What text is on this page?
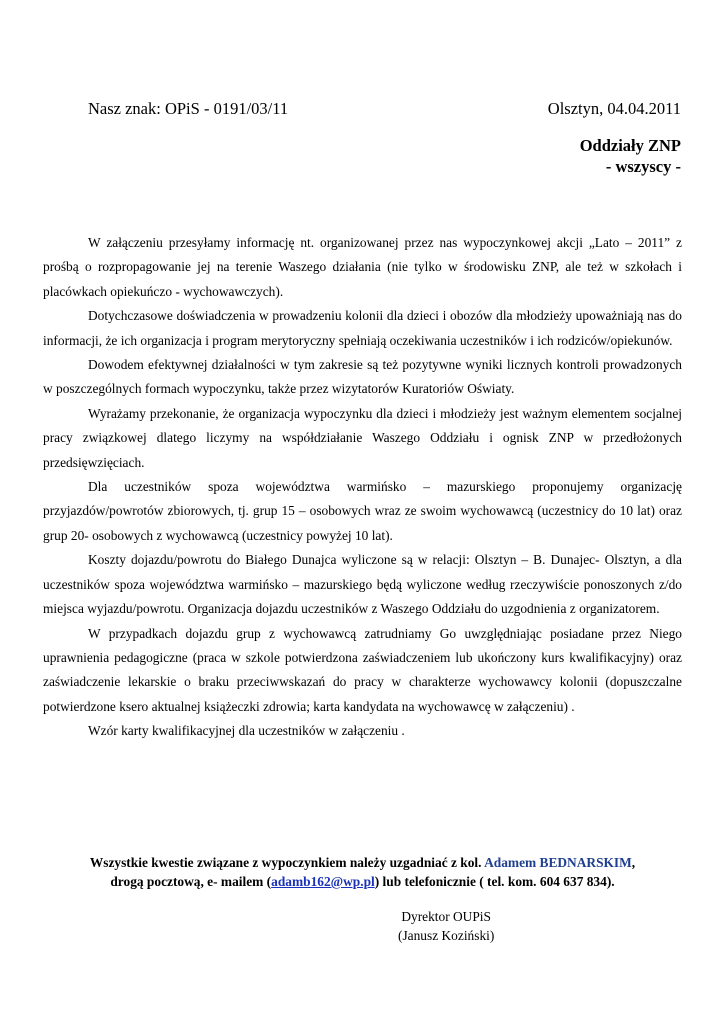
Nasz znak: OPiS - 0191/03/11	Olsztyn, 04.04.2011
Oddziały ZNP
- wszyscy -

W załączeniu przesyłamy informację nt. organizowanej przez nas wypoczynkowej akcji „Lato – 2011” z prośbą o rozpropagowanie jej na terenie Waszego działania (nie tylko w środowisku ZNP, ale też w szkołach i placówkach opiekuńczo - wychowawczych).

Dotychczasowe doświadczenia w prowadzeniu kolonii dla dzieci i obozów dla młodzieży upoważniają nas do informacji, że ich organizacja i program merytoryczny spełniają oczekiwania uczestników i ich rodziców/opiekunów.

Dowodem efektywnej działalności w tym zakresie są też pozytywne wyniki licznych kontroli prowadzonych w poszczególnych formach wypoczynku, także przez wizytatorów Kuratoriów Oświaty.

Wyrażamy przekonanie, że organizacja wypoczynku dla dzieci i młodzieży jest ważnym elementem socjalnej pracy związkowej dlatego liczymy na współdziałanie Waszego Oddziału i ognisk ZNP w przedłożonych przedsięwzięciach.

Dla uczestników spoza województwa warmińsko – mazurskiego proponujemy organizację przyjazdów/powrotów zbiorowych, tj. grup 15 – osobowych wraz ze swoim wychowawcą (uczestnicy do 10 lat) oraz grup 20- osobowych z wychowawcą (uczestnicy powyżej 10 lat).

Koszty dojazdu/powrotu do Białego Dunajca wyliczone są w relacji: Olsztyn – B. Dunajec- Olsztyn, a dla uczestników spoza województwa warmińsko – mazurskiego będą wyliczone według rzeczywiście ponoszonych z/do miejsca wyjazdu/powrotu. Organizacja dojazdu uczestników z Waszego Oddziału do uzgodnienia z organizatorem.

W przypadkach dojazdu grup z wychowawcą zatrudniamy Go uwzględniając posiadane przez Niego uprawnienia pedagogiczne (praca w szkole potwierdzona zaświadczeniem lub ukończony kurs kwalifikacyjny) oraz zaświadczenie lekarskie o braku przeciwwskazań do pracy w charakterze wychowawcy kolonii (dopuszczalne potwierdzone ksero aktualnej książeczki zdrowia; karta kandydata na wychowawcę w załączeniu) .

Wzór karty kwalifikacyjnej dla uczestników w załączeniu .

Wszystkie kwestie związane z wypoczynkiem należy uzgadniać z kol. Adamem BEDNARSKIM,
drogą pocztową, e- mailem (adamb162@wp.pl) lub telefonicznie ( tel. kom. 604 637 834).
Dyrektor OUPiS
(Janusz Koziński)
